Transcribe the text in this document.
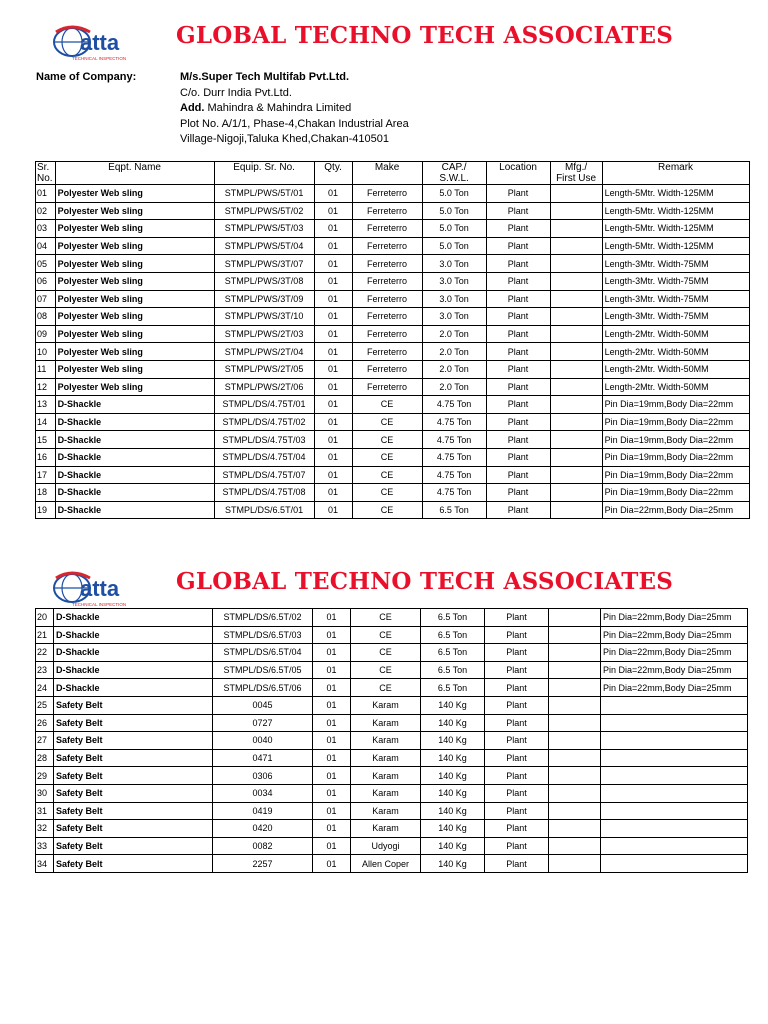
atta
TECHNICAL INSPECTION
GLOBAL TECHNO TECH ASSOCIATES
Name of Company:	M/s.Super Tech Multifab Pvt.Ltd.
C/o. Durr India Pvt.Ltd.
Add. Mahindra & Mahindra Limited
Plot No. A/1/1, Phase-4,Chakan Industrial Area
Village-Nigoji,Taluka Khed,Chakan-410501
Sr.
No.	Eqpt. Name	Equip. Sr. No.	Qty.	Make	CAP./
S.W.L.	Location	Mfg./
First Use	Remark
01	Polyester Web sling	STMPL/PWS/5T/01	01	Ferreterro	5.0 Ton	Plant		Length-5Mtr. Width-125MM
02	Polyester Web sling	STMPL/PWS/5T/02	01	Ferreterro	5.0 Ton	Plant		Length-5Mtr. Width-125MM
03	Polyester Web sling	STMPL/PWS/5T/03	01	Ferreterro	5.0 Ton	Plant		Length-5Mtr. Width-125MM
04	Polyester Web sling	STMPL/PWS/5T/04	01	Ferreterro	5.0 Ton	Plant		Length-5Mtr. Width-125MM
05	Polyester Web sling	STMPL/PWS/3T/07	01	Ferreterro	3.0 Ton	Plant		Length-3Mtr. Width-75MM
06	Polyester Web sling	STMPL/PWS/3T/08	01	Ferreterro	3.0 Ton	Plant		Length-3Mtr. Width-75MM
07	Polyester Web sling	STMPL/PWS/3T/09	01	Ferreterro	3.0 Ton	Plant		Length-3Mtr. Width-75MM
08	Polyester Web sling	STMPL/PWS/3T/10	01	Ferreterro	3.0 Ton	Plant		Length-3Mtr. Width-75MM
09	Polyester Web sling	STMPL/PWS/2T/03	01	Ferreterro	2.0 Ton	Plant		Length-2Mtr. Width-50MM
10	Polyester Web sling	STMPL/PWS/2T/04	01	Ferreterro	2.0 Ton	Plant		Length-2Mtr. Width-50MM
11	Polyester Web sling	STMPL/PWS/2T/05	01	Ferreterro	2.0 Ton	Plant		Length-2Mtr. Width-50MM
12	Polyester Web sling	STMPL/PWS/2T/06	01	Ferreterro	2.0 Ton	Plant		Length-2Mtr. Width-50MM
13	D-Shackle	STMPL/DS/4.75T/01	01	CE	4.75 Ton	Plant		Pin Dia=19mm,Body Dia=22mm
14	D-Shackle	STMPL/DS/4.75T/02	01	CE	4.75 Ton	Plant		Pin Dia=19mm,Body Dia=22mm
15	D-Shackle	STMPL/DS/4.75T/03	01	CE	4.75 Ton	Plant		Pin Dia=19mm,Body Dia=22mm
16	D-Shackle	STMPL/DS/4.75T/04	01	CE	4.75 Ton	Plant		Pin Dia=19mm,Body Dia=22mm
17	D-Shackle	STMPL/DS/4.75T/07	01	CE	4.75 Ton	Plant		Pin Dia=19mm,Body Dia=22mm
18	D-Shackle	STMPL/DS/4.75T/08	01	CE	4.75 Ton	Plant		Pin Dia=19mm,Body Dia=22mm
19	D-Shackle	STMPL/DS/6.5T/01	01	CE	6.5 Ton	Plant		Pin Dia=22mm,Body Dia=25mm
atta
TECHNICAL INSPECTION
GLOBAL TECHNO TECH ASSOCIATES
20	D-Shackle	STMPL/DS/6.5T/02	01	CE	6.5 Ton	Plant		Pin Dia=22mm,Body Dia=25mm
21	D-Shackle	STMPL/DS/6.5T/03	01	CE	6.5 Ton	Plant		Pin Dia=22mm,Body Dia=25mm
22	D-Shackle	STMPL/DS/6.5T/04	01	CE	6.5 Ton	Plant		Pin Dia=22mm,Body Dia=25mm
23	D-Shackle	STMPL/DS/6.5T/05	01	CE	6.5 Ton	Plant		Pin Dia=22mm,Body Dia=25mm
24	D-Shackle	STMPL/DS/6.5T/06	01	CE	6.5 Ton	Plant		Pin Dia=22mm,Body Dia=25mm
25	Safety Belt	0045	01	Karam	140 Kg	Plant		
26	Safety Belt	0727	01	Karam	140 Kg	Plant		
27	Safety Belt	0040	01	Karam	140 Kg	Plant		
28	Safety Belt	0471	01	Karam	140 Kg	Plant		
29	Safety Belt	0306	01	Karam	140 Kg	Plant		
30	Safety Belt	0034	01	Karam	140 Kg	Plant		
31	Safety Belt	0419	01	Karam	140 Kg	Plant		
32	Safety Belt	0420	01	Karam	140 Kg	Plant		
33	Safety Belt	0082	01	Udyogi	140 Kg	Plant		
34	Safety Belt	2257	01	Allen Coper	140 Kg	Plant		
